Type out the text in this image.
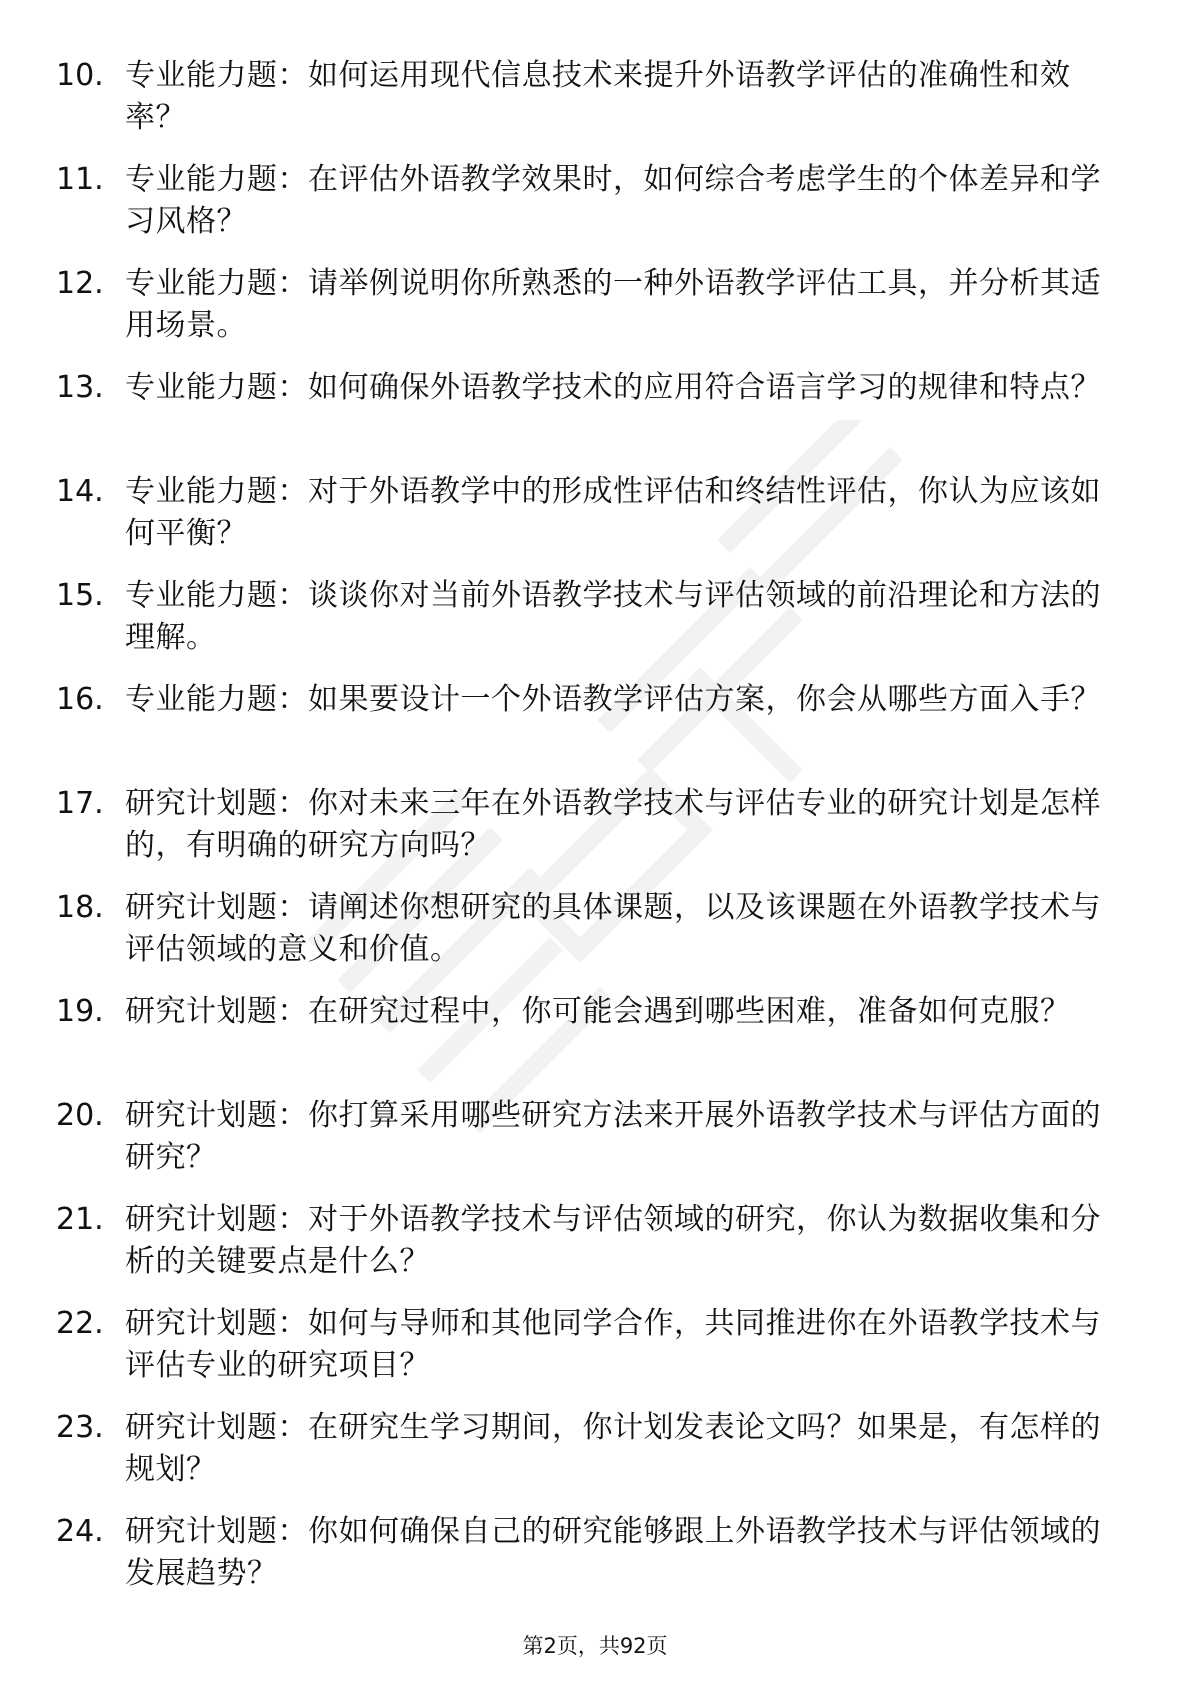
10. 专业能力题：如何运用现代信息技术来提升外语教学评估的准确性和效率？
11. 专业能力题：在评估外语教学效果时，如何综合考虑学生的个体差异和学习风格？
12. 专业能力题：请举例说明你所熟悉的一种外语教学评估工具，并分析其适用场景。
13. 专业能力题：如何确保外语教学技术的应用符合语言学习的规律和特点？
14. 专业能力题：对于外语教学中的形成性评估和终结性评估，你认为应该如何平衡？
15. 专业能力题：谈谈你对当前外语教学技术与评估领域的前沿理论和方法的理解。
16. 专业能力题：如果要设计一个外语教学评估方案，你会从哪些方面入手？
17. 研究计划题：你对未来三年在外语教学技术与评估专业的研究计划是怎样的，有明确的研究方向吗？
18. 研究计划题：请阐述你想研究的具体课题，以及该课题在外语教学技术与评估领域的意义和价值。
19. 研究计划题：在研究过程中，你可能会遇到哪些困难，准备如何克服？
20. 研究计划题：你打算采用哪些研究方法来开展外语教学技术与评估方面的研究？
21. 研究计划题：对于外语教学技术与评估领域的研究，你认为数据收集和分析的关键要点是什么？
22. 研究计划题：如何与导师和其他同学合作，共同推进你在外语教学技术与评估专业的研究项目？
23. 研究计划题：在研究生学习期间，你计划发表论文吗？如果是，有怎样的规划？
24. 研究计划题：你如何确保自己的研究能够跟上外语教学技术与评估领域的发展趋势？
第2页，共92页
